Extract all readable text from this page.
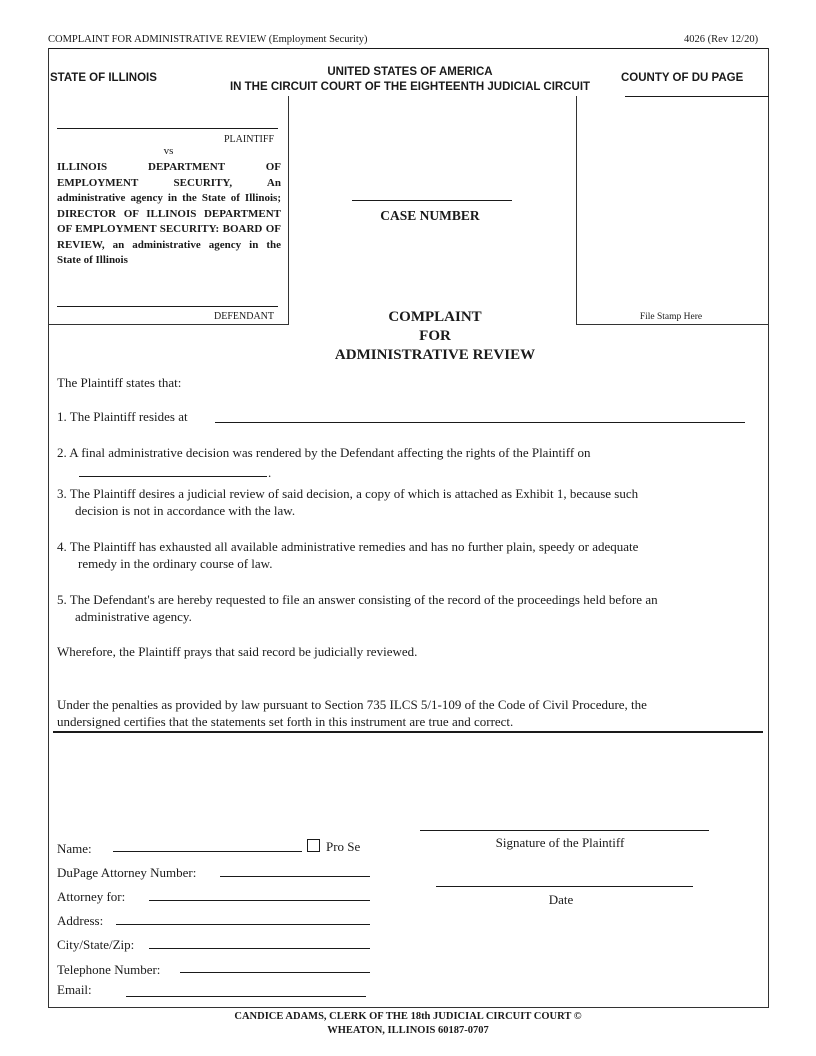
COMPLAINT FOR ADMINISTRATIVE REVIEW (Employment Security)	4026 (Rev 12/20)
STATE OF ILLINOIS	UNITED STATES OF AMERICA
IN THE CIRCUIT COURT OF THE EIGHTEENTH JUDICIAL CIRCUIT
COUNTY OF DU PAGE
PLAINTIFF
vs
ILLINOIS DEPARTMENT OF EMPLOYMENT SECURITY, An administrative agency in the State of Illinois; DIRECTOR OF ILLINOIS DEPARTMENT OF EMPLOYMENT SECURITY: BOARD OF REVIEW, an administrative agency in the State of Illinois
DEFENDANT
CASE NUMBER
File Stamp Here
COMPLAINT
FOR
ADMINISTRATIVE REVIEW
The Plaintiff states that:
1. The Plaintiff resides at
2. A final administrative decision was rendered by the Defendant affecting the rights of the Plaintiff on
.
3. The Plaintiff desires a judicial review of said decision, a copy of which is attached as Exhibit 1, because such
decision is not in accordance with the law.
4. The Plaintiff has exhausted all available administrative remedies and has no further plain, speedy or adequate
remedy in the ordinary course of law.
5. The Defendant's are hereby requested to file an answer consisting of the record of the proceedings held before an
administrative agency.
Wherefore, the Plaintiff prays that said record be judicially reviewed.
Under the penalties as provided by law pursuant to Section 735 ILCS 5/1-109 of the Code of Civil Procedure, the
undersigned certifies that the statements set forth in this instrument are true and correct.
Signature of the Plaintiff
Date
Name:	Pro Se
DuPage Attorney Number:
Attorney for:
Address:
City/State/Zip:
Telephone Number:
Email:
CANDICE ADAMS, CLERK OF THE 18th JUDICIAL CIRCUIT COURT ©
WHEATON, ILLINOIS 60187-0707
